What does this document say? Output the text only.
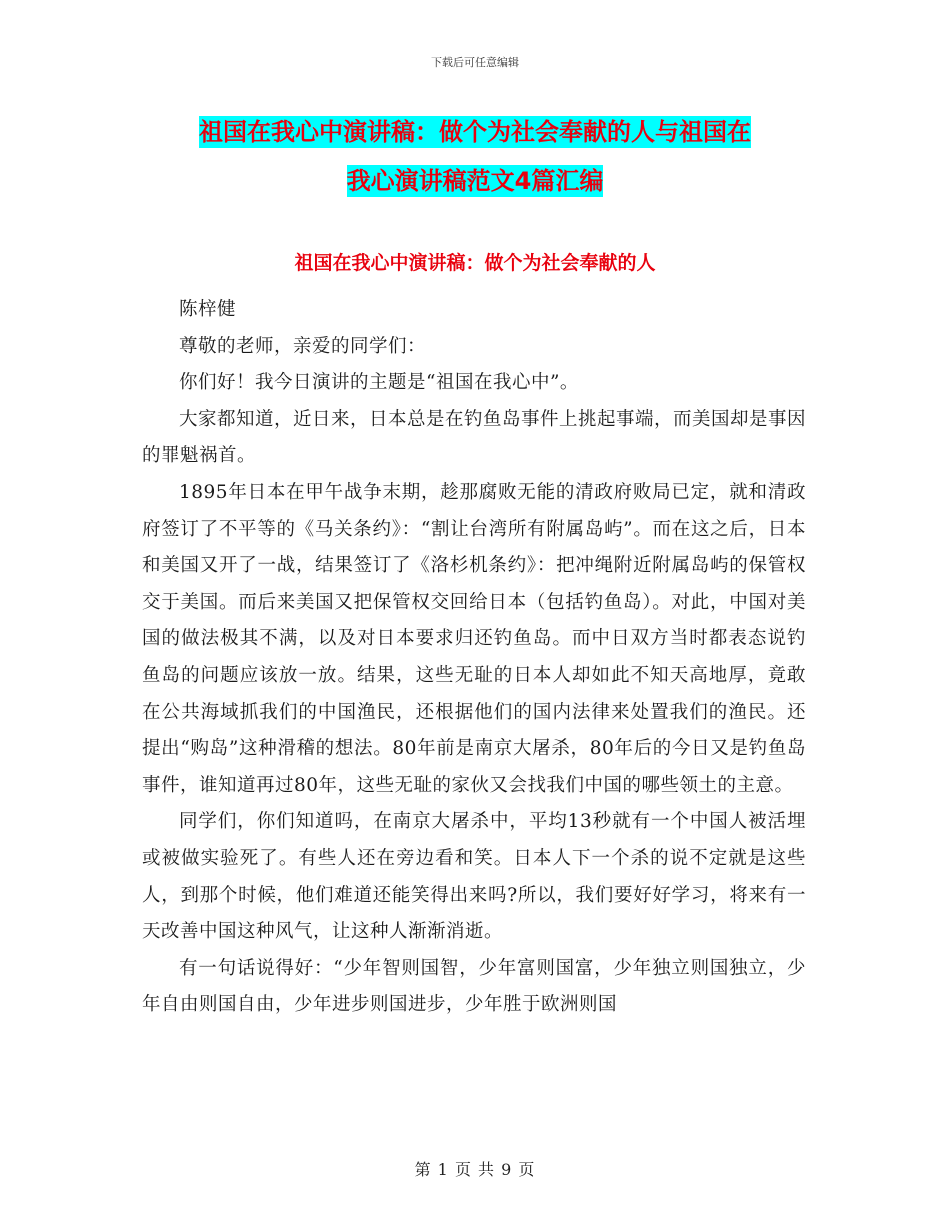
下载后可任意编辑
祖国在我心中演讲稿：做个为社会奉献的人与祖国在
我心演讲稿范文4篇汇编
祖国在我心中演讲稿：做个为社会奉献的人

陈梓健

尊敬的老师，亲爱的同学们：

你们好！我今日演讲的主题是“祖国在我心中”。

大家都知道，近日来，日本总是在钓鱼岛事件上挑起事端，而美国却是事因的罪魁祸首。

1895年日本在甲午战争末期，趁那腐败无能的清政府败局已定，就和清政府签订了不平等的《马关条约》：“割让台湾所有附属岛屿”。而在这之后，日本和美国又开了一战，结果签订了《洛杉机条约》：把冲绳附近附属岛屿的保管权交于美国。而后来美国又把保管权交回给日本（包括钓鱼岛）。对此，中国对美国的做法极其不满，以及对日本要求归还钓鱼岛。而中日双方当时都表态说钓鱼岛的问题应该放一放。结果，这些无耻的日本人却如此不知天高地厚，竟敢在公共海域抓我们的中国渔民，还根据他们的国内法律来处置我们的渔民。还提出“购岛”这种滑稽的想法。80年前是南京大屠杀，80年后的今日又是钓鱼岛事件，谁知道再过80年，这些无耻的家伙又会找我们中国的哪些领土的主意。

同学们，你们知道吗，在南京大屠杀中，平均13秒就有一个中国人被活埋或被做实验死了。有些人还在旁边看和笑。日本人下一个杀的说不定就是这些人，到那个时候，他们难道还能笑得出来吗?所以，我们要好好学习，将来有一天改善中国这种风气，让这种人渐渐消逝。

有一句话说得好：“少年智则国智，少年富则国富，少年独立则国独立，少年自由则国自由，少年进步则国进步，少年胜于欧洲则国

第 1 页 共 9 页
